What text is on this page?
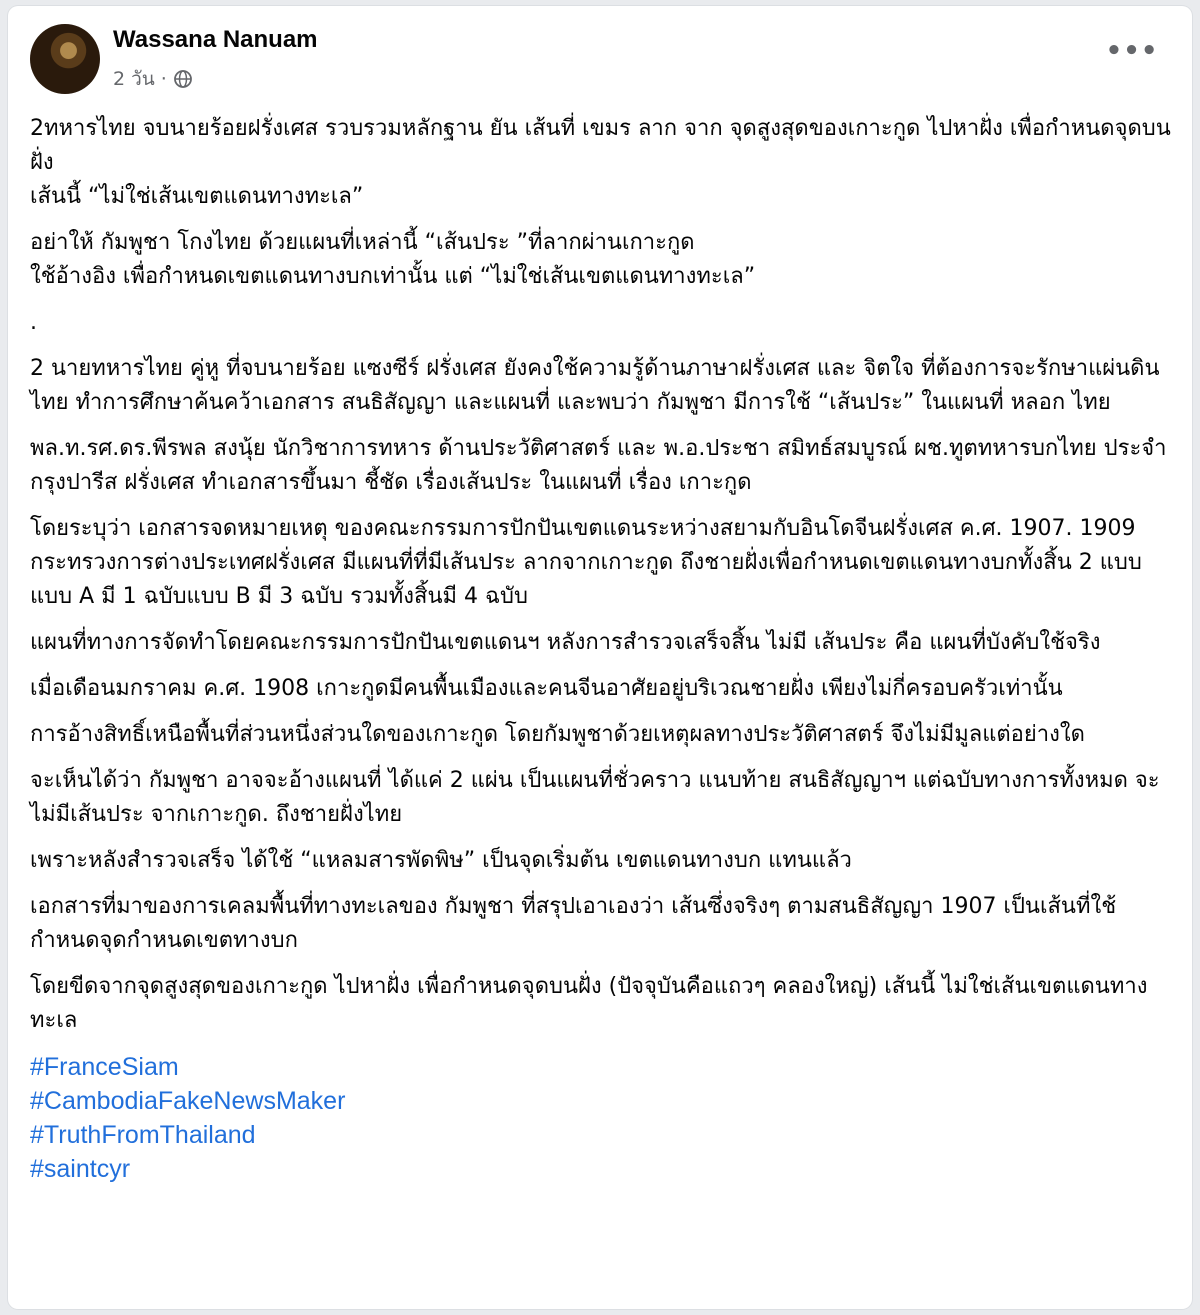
Wassana Nanuam
2 วัน ·
•••

2ทหารไทย จบนายร้อยฝรั่งเศส รวบรวมหลักฐาน ยัน เส้นที่ เขมร ลาก จาก จุดสูงสุดของเกาะกูด ไปหาฝั่ง เพื่อกำหนดจุดบนฝั่ง

เส้นนี้ “ไม่ใช่เส้นเขตแดนทางทะเล”

อย่าให้ กัมพูชา โกงไทย ด้วยแผนที่เหล่านี้ “เส้นประ ”ที่ลากผ่านเกาะกูด

ใช้อ้างอิง เพื่อกำหนดเขตแดนทางบกเท่านั้น แต่ “ไม่ใช่เส้นเขตแดนทางทะเล”

.

2 นายทหารไทย คู่หู ที่จบนายร้อย แซงซีร์ ฝรั่งเศส ยังคงใช้ความรู้ด้านภาษาฝรั่งเศส และ จิตใจ ที่ต้องการจะรักษาแผ่นดินไทย ทำการศึกษาค้นคว้าเอกสาร สนธิสัญญา และแผนที่ และพบว่า กัมพูชา มีการใช้ “เส้นประ” ในแผนที่ หลอก ไทย

พล.ท.รศ.ดร.พีรพล สงนุ้ย นักวิชาการทหาร ด้านประวัติศาสตร์ และ พ.อ.ประชา สมิทธ์สมบูรณ์ ผช.ทูตทหารบกไทย ประจำกรุงปารีส ฝรั่งเศส ทำเอกสารขึ้นมา ชี้ชัด เรื่องเส้นประ ในแผนที่ เรื่อง เกาะกูด

โดยระบุว่า เอกสารจดหมายเหตุ ของคณะกรรมการปักปันเขตแดนระหว่างสยามกับอินโดจีนฝรั่งเศส ค.ศ. 1907. 1909 กระทรวงการต่างประเทศฝรั่งเศส มีแผนที่ที่มีเส้นประ ลากจากเกาะกูด ถึงชายฝั่งเพื่อกำหนดเขตแดนทางบกทั้งสิ้น 2 แบบ แบบ A มี 1 ฉบับแบบ B มี 3 ฉบับ รวมทั้งสิ้นมี 4 ฉบับ

แผนที่ทางการจัดทำโดยคณะกรรมการปักปันเขตแดนฯ หลังการสำรวจเสร็จสิ้น ไม่มี เส้นประ คือ แผนที่บังคับใช้จริง

เมื่อเดือนมกราคม ค.ศ. 1908 เกาะกูดมีคนพื้นเมืองและคนจีนอาศัยอยู่บริเวณชายฝั่ง เพียงไม่กี่ครอบครัวเท่านั้น

การอ้างสิทธิ์เหนือพื้นที่ส่วนหนึ่งส่วนใดของเกาะกูด โดยกัมพูชาด้วยเหตุผลทางประวัติศาสตร์ จึงไม่มีมูลแต่อย่างใด

จะเห็นได้ว่า กัมพูชา อาจจะอ้างแผนที่ ได้แค่ 2 แผ่น เป็นแผนที่ชั่วคราว แนบท้าย สนธิสัญญาฯ แต่ฉบับทางการทั้งหมด จะไม่มีเส้นประ จากเกาะกูด. ถึงชายฝั่งไทย

เพราะหลังสำรวจเสร็จ ได้ใช้ “แหลมสารพัดพิษ” เป็นจุดเริ่มต้น เขตแดนทางบก แทนแล้ว

เอกสารที่มาของการเคลมพื้นที่ทางทะเลของ กัมพูชา ที่สรุปเอาเองว่า เส้นซึ่งจริงๆ ตามสนธิสัญญา 1907 เป็นเส้นที่ใช้กำหนดจุดกำหนดเขตทางบก

โดยขีดจากจุดสูงสุดของเกาะกูด ไปหาฝั่ง เพื่อกำหนดจุดบนฝั่ง (ปัจจุบันคือแถวๆ คลองใหญ่) เส้นนี้ ไม่ใช่เส้นเขตแดนทางทะเล

#FranceSiam
#CambodiaFakeNewsMaker
#TruthFromThailand
#saintcyr
